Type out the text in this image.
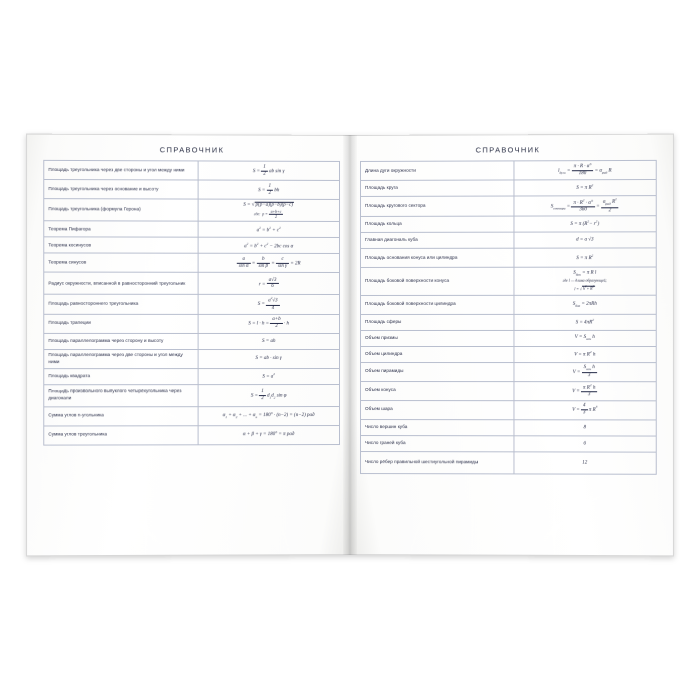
СПРАВОЧНИК
Площадь треугольника через две стороны и угол между ними	$S = \frac{1}{2}$ ab sin γ
Площадь треугольника через основание и высоту	$S = \frac{1}{2}$ bh
Площадь треугольника (формула Герона)	S = √p(p−a)(p−b)(p−c)
где:  $p = \frac{a+b+c}{2}$

Теорема Пифагора	$a^2 = b^2 + c^2$
Теорема косинусов	$a^2 = b^2 + c^2 - 2bc$ cos α
Теорема синусов	$\frac{a}{\text{sin α}} = \frac{b}{\text{sin β}} = \frac{c}{\text{sin γ}} = 2R$
Радиус окружности, вписанной в равносторонний треугольник	$r = \frac{a√3}{6}$

Площадь равностороннего треугольника	$S = \frac{a^2√3}{4}$

Площадь трапеции	$S = l \cdot h = \frac{a+b}{2} \cdot h$
Площадь параллелограмма через сторону и высоту	S = ah
Площадь параллелограмма через две стороны и угол между ними	S = ab · sin γ
Площадь квадрата	$S = a^2$
Площадь произвольного выпуклого четырёхугольника через диагонали	$S = \frac{1}{2} d_1d_2$ sin φ
Сумма углов n-угольника	$\alpha_1 + \alpha_2$ + ... + $\alpha_n = 180^\circ \cdot (n-2) = (n-2)$ рад
Сумма углов треугольника	α + β + γ = 180° = π рад
СПРАВОЧНИК
Длина дуги окружности	$l_{дуги} = \frac{\pi \cdot R \cdot \alpha^\circ}{180} = \alpha_{рад}$ R
Площадь круга	S = π $R^2$
Площадь кругового сектора	$S_{сектора} = \frac{\pi \cdot R^2 \cdot \alpha^\circ}{360} = \frac{\alpha_{рад} R^2}{2}$

Площадь кольца	S = π $(R^2- r^2)$
Главная диагональ куба	d = a √3
Площадь основания конуса или цилиндра	S = π $R^2$
Площадь боковой поверхности конуса	$S_{бок} = \pi$ R l
где l — длина образующей;
l = √h2+ R2

Площадь боковой поверхности цилиндра	$S_{бок} = 2\pi Rh$
Площадь сферы	$S = 4\pi R^2$
Объем призмы	$V = S_{осн}$ h
Объем цилиндра	V = π $R^2$ h
Объем пирамиды	$V = \frac{S_{осн} h}{3}$

Объем конуса	$V = \frac{\pi R^2 h}{3}$

Объем шара	$V = \frac{4}{3}$ π $R^3$
Число вершин куба	8
Число граней куба	6
Число рёбер правильной шестиугольной пирамиды	12
